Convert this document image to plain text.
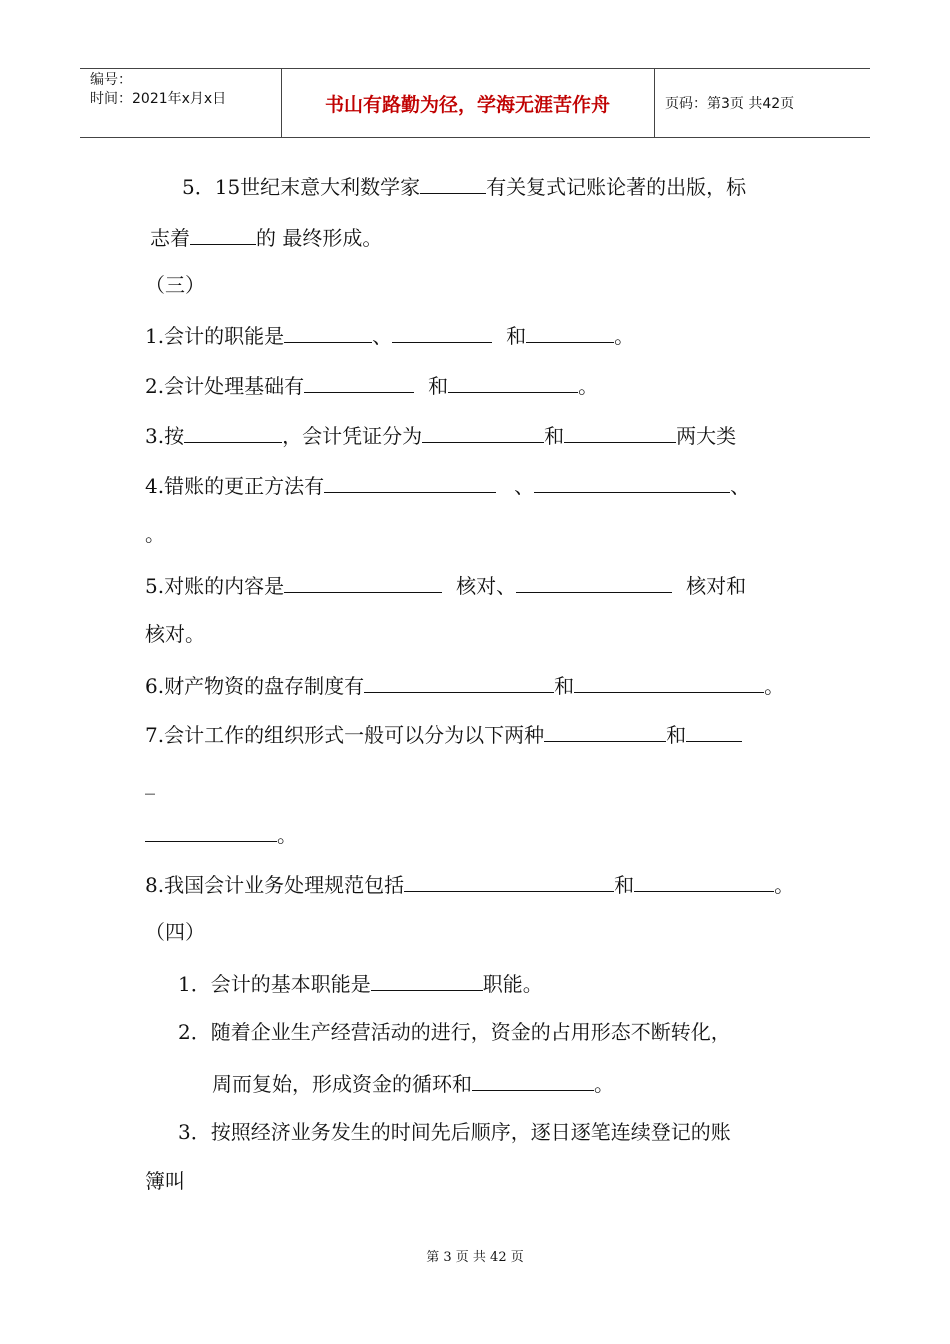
编号：
时间：2021年x月x日	书山有路勤为径，学海无涯苦作舟	页码：第3页 共42页
5．15世纪末意大利数学家	有关复式记账论著的出版，标
志着	的 最终形成。
（三）
1.会计的职能是	、	和	。
2.会计处理基础有	和	。
3.按	，会计凭证分为	和	两大类
4.错账的更正方法有	、	、
。
5.对账的内容是	核对、	核对和
核对。
6.财产物资的盘存制度有	和	。
7.会计工作的组织形式一般可以分为以下两种	和
_
。
8.我国会计业务处理规范包括	和	。
（四）
1．会计的基本职能是	职能。
2．随着企业生产经营活动的进行，资金的占用形态不断转化，
周而复始，形成资金的循环和	。
3．按照经济业务发生的时间先后顺序，逐日逐笔连续登记的账
簿叫
第 3 页 共 42 页
